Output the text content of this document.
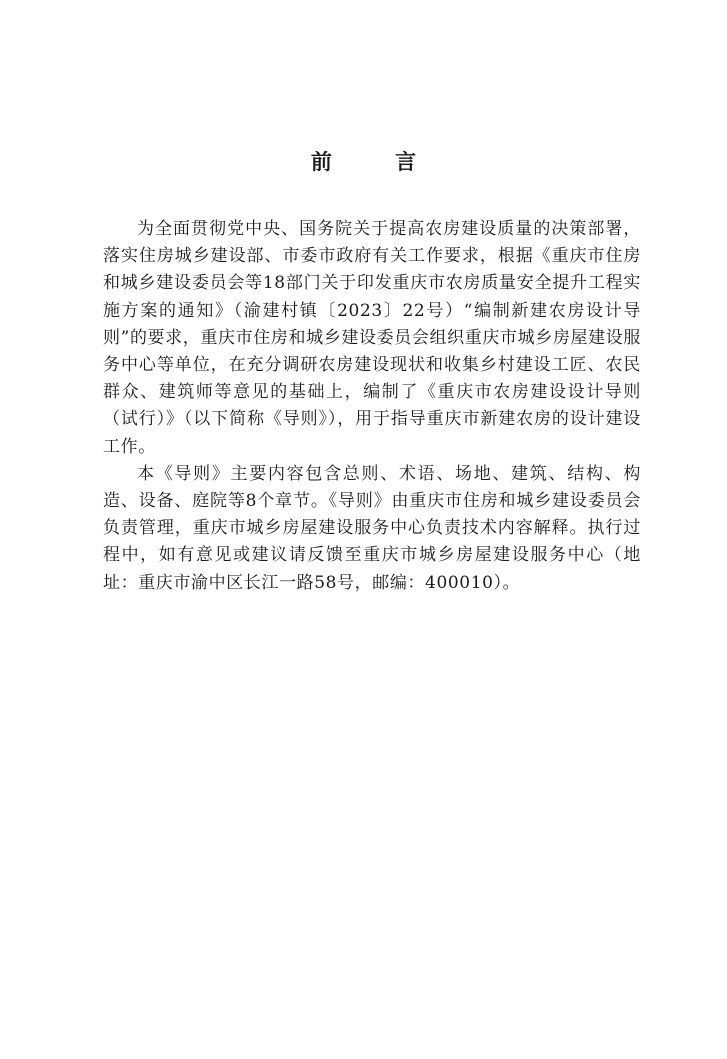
前 言

为全面贯彻党中央、国务院关于提高农房建设质量的决策部署，落实住房城乡建设部、市委市政府有关工作要求，根据《重庆市住房和城乡建设委员会等18部门关于印发重庆市农房质量安全提升工程实施方案的通知》（渝建村镇〔2023〕22号）“编制新建农房设计导则”的要求，重庆市住房和城乡建设委员会组织重庆市城乡房屋建设服务中心等单位，在充分调研农房建设现状和收集乡村建设工匠、农民群众、建筑师等意见的基础上，编制了《重庆市农房建设设计导则（试行）》（以下简称《导则》），用于指导重庆市新建农房的设计建设工作。

本《导则》主要内容包含总则、术语、场地、建筑、结构、构造、设备、庭院等8个章节。《导则》由重庆市住房和城乡建设委员会负责管理，重庆市城乡房屋建设服务中心负责技术内容解释。执行过程中，如有意见或建议请反馈至重庆市城乡房屋建设服务中心（地址：重庆市渝中区长江一路58号，邮编：400010）。
